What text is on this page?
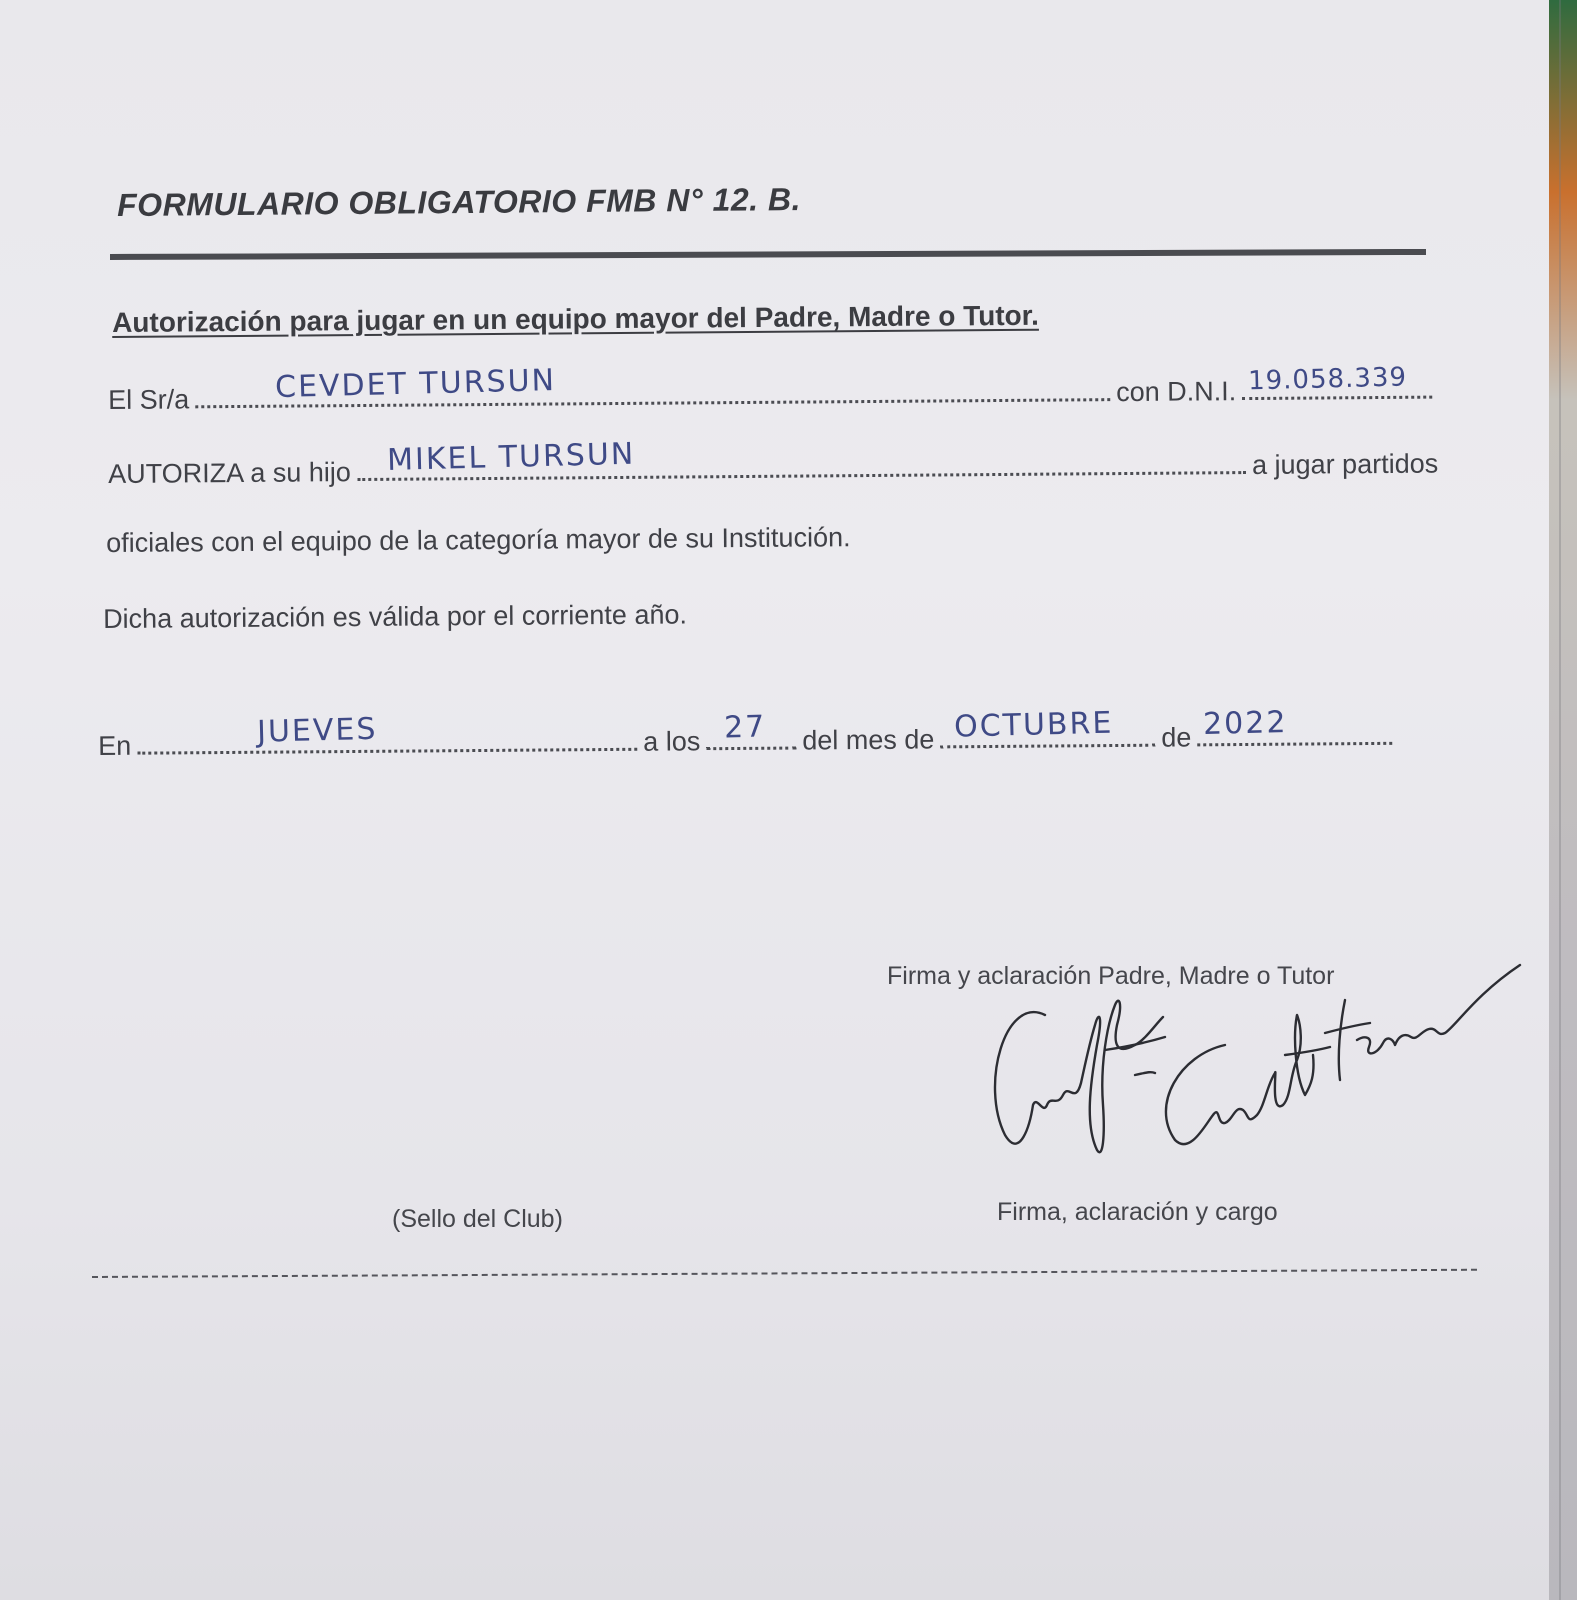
FORMULARIO OBLIGATORIO FMB N° 12. B.
Autorización para jugar en un equipo mayor del Padre, Madre o Tutor.
El Sr/a	CEVDET TURSUN	con D.N.I. 19.058.339
AUTORIZA a su hijo MIKEL TURSUN	a jugar partidos
oficiales con el equipo de la categoría mayor de su Institución.
Dicha autorización es válida por el corriente año.
En	JUEVES	a los 27 del mes de OCTUBRE de 2022
Firma y aclaración Padre, Madre o Tutor
(Sello del Club)	Firma, aclaración y cargo
